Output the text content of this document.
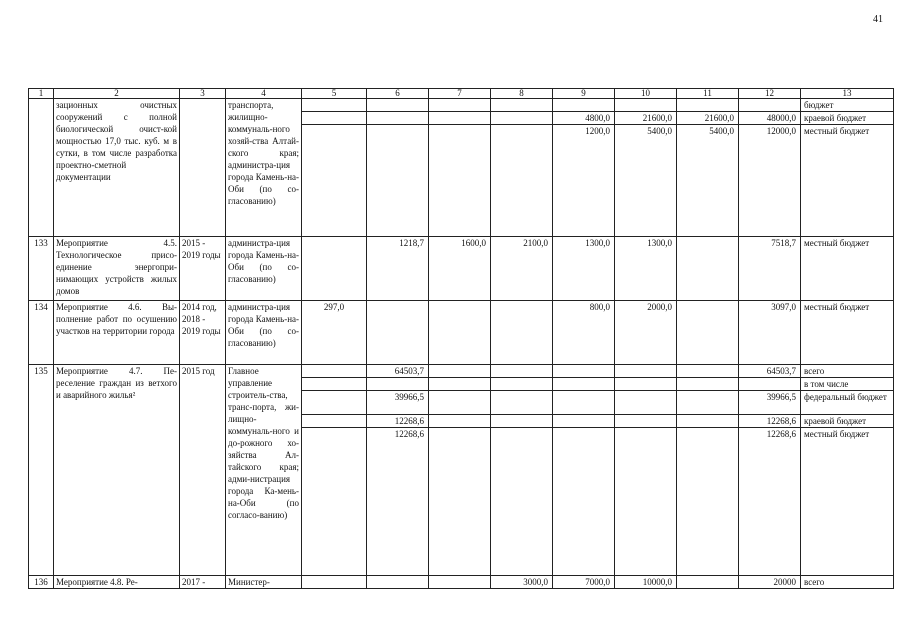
41
1	2	3	4	5	6	7	8	9	10	11	12	13
	зационных очистных сооружений с полной биологической очист-кой мощностью 17,0 тыс. куб. м в сутки, в том числе разработка проектно-сметной документации		транспорта, жилищно-коммуналь-ного хозяй-ства Алтай-ского края; администра-ция города Камень-на-Оби (по со-гласованию)									бюджет
								4800,0	21600,0	21600,0	48000,0	краевой бюджет
								1200,0	5400,0	5400,0	12000,0	местный бюджет
133	Мероприятие 4.5. Технологическое присо-единение энергопри-нимающих устройств жилых домов	2015 - 2019 годы	администра-ция города Камень-на-Оби (по со-гласованию)		1218,7	1600,0	2100,0	1300,0	1300,0		7518,7	местный бюджет
134	Мероприятие 4.6. Вы-полнение работ по осушению участков на территории города	2014 год, 2018 - 2019 годы	администра-ция города Камень-на-Оби (по со-гласованию)	297,0				800,0	2000,0		3097,0	местный бюджет
135	Мероприятие 4.7. Пе-реселение граждан из ветхого и аварийного жилья²	2015 год	Главное управление строитель-ства, транс-порта, жи-лищно-коммуналь-ного и до-рожного хо-зяйства Ал-тайского края; адми-нистрация города Ка-мень-на-Оби (по согласо-ванию)		64503,7						64503,7	всего
												в том числе
					39966,5						39966,5	федеральный бюджет
					12268,6						12268,6	краевой бюджет
					12268,6						12268,6	местный бюджет
136	Мероприятие 4.8. Ре-	2017 -	Министер-				3000,0	7000,0	10000,0		20000	всего
